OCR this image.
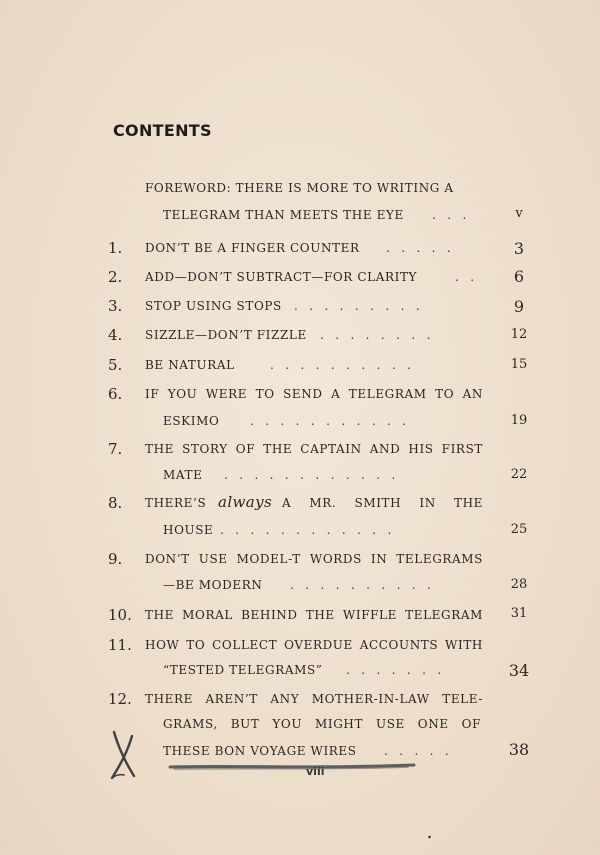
CONTENTS
FOREWORD: THERE IS MORE TO WRITING A
TELEGRAM THAN MEETS THE EYE . . .	v
1.	DON’T BE A FINGER COUNTER . . . . .	3
2.	ADD—DON’T SUBTRACT—FOR CLARITY	. .	6
3.	STOP USING STOPS . . . . . . . . .	9
4.	SIZZLE—DON’T FIZZLE . . . . . . . .	12
5.	BE NATURAL	. . . . . . . . . .	15
6.	IF YOU WERE TO SEND A TELEGRAM TO AN
ESKIMO	. . . . . . . . . . .	19
7.	THE STORY OF THE CAPTAIN AND HIS FIRST
MATE . . . . . . . . . . . .	22
8.	THERE’S always A MR. SMITH IN THE
HOUSE . . . . . . . . . . . .	25
9.	DON’T USE MODEL-T WORDS IN TELEGRAMS
—BE MODERN . . . . . . . . . .	28
10.	THE MORAL BEHIND THE WIFFLE TELEGRAM	31
11.	HOW TO COLLECT OVERDUE ACCOUNTS WITH
“TESTED TELEGRAMS” . . . . . . .	34
12.	THERE AREN’T ANY MOTHER-IN-LAW TELE-
GRAMS, BUT YOU MIGHT USE ONE OF
THESE BON VOYAGE WIRES . . . . .	38
viii
